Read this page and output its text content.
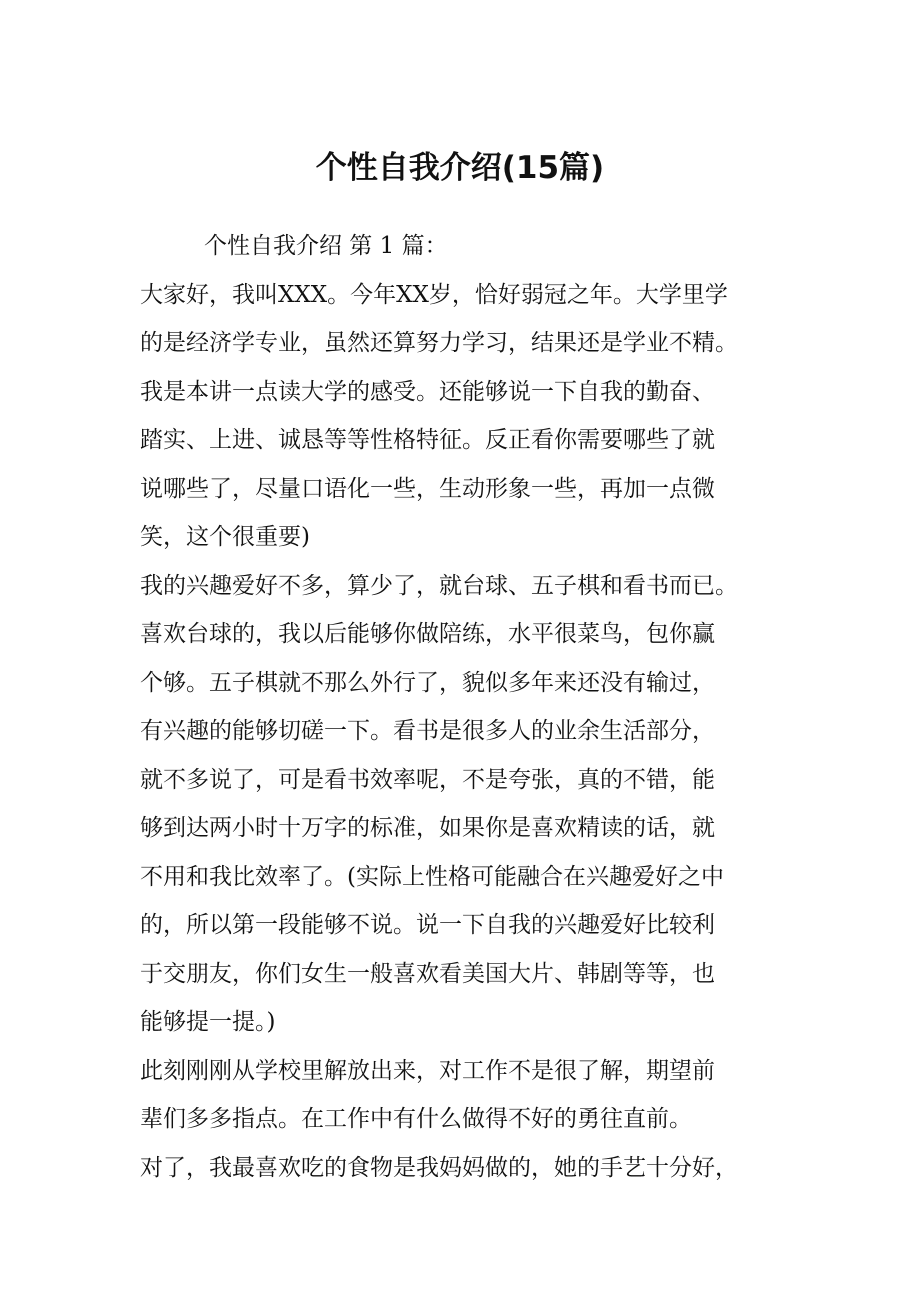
个性自我介绍(15篇)
个性自我介绍 第 1 篇：
大家好，我叫XXX。今年XX岁，恰好弱冠之年。大学里学
的是经济学专业，虽然还算努力学习，结果还是学业不精。
我是本讲一点读大学的感受。还能够说一下自我的勤奋、
踏实、上进、诚恳等等性格特征。反正看你需要哪些了就
说哪些了，尽量口语化一些，生动形象一些，再加一点微
笑，这个很重要)
我的兴趣爱好不多，算少了，就台球、五子棋和看书而已。
喜欢台球的，我以后能够你做陪练，水平很菜鸟，包你赢
个够。五子棋就不那么外行了，貌似多年来还没有输过，
有兴趣的能够切磋一下。看书是很多人的业余生活部分，
就不多说了，可是看书效率呢，不是夸张，真的不错，能
够到达两小时十万字的标准，如果你是喜欢精读的话，就
不用和我比效率了。(实际上性格可能融合在兴趣爱好之中
的，所以第一段能够不说。说一下自我的兴趣爱好比较利
于交朋友，你们女生一般喜欢看美国大片、韩剧等等，也
能够提一提。)
此刻刚刚从学校里解放出来，对工作不是很了解，期望前
辈们多多指点。在工作中有什么做得不好的勇往直前。
对了，我最喜欢吃的食物是我妈妈做的，她的手艺十分好，
